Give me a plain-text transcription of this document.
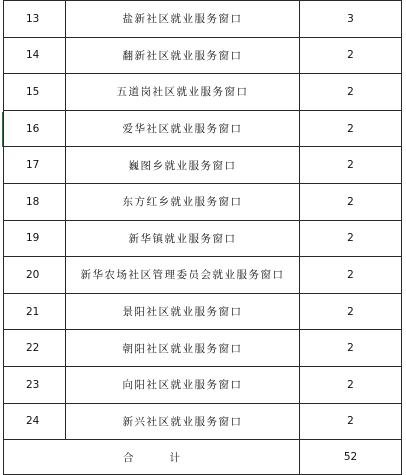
13	盐新社区就业服务窗口	3
14	翻新社区就业服务窗口	2
15	五道岗社区就业服务窗口	2
16	爱华社区就业服务窗口	2
17	巍图乡就业服务窗口	2
18	东方红乡就业服务窗口	2
19	新华镇就业服务窗口	2
20	新华农场社区管理委员会就业服务窗口	2
21	景阳社区就业服务窗口	2
22	朝阳社区就业服务窗口	2
23	向阳社区就业服务窗口	2
24	新兴社区就业服务窗口	2
合计		52
